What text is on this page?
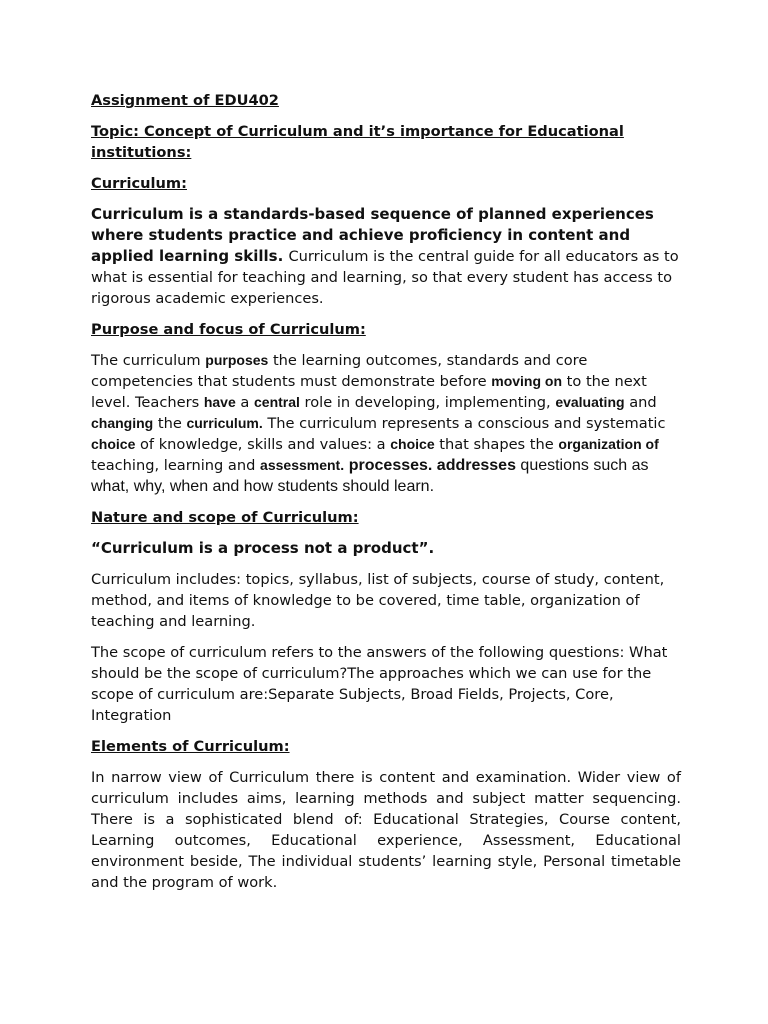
Assignment of EDU402

Topic: Concept of Curriculum and it’s importance for Educational institutions:

Curriculum:

Curriculum is a standards-based sequence of planned experiences where students practice and achieve proficiency in content and applied learning skills. Curriculum is the central guide for all educators as to what is essential for teaching and learning, so that every student has access to rigorous academic experiences.

Purpose and focus of Curriculum:

The curriculum purposes the learning outcomes, standards and core competencies that students must demonstrate before moving on to the next level. Teachers have a central role in developing, implementing, evaluating and changing the curriculum. The curriculum represents a conscious and systematic choice of knowledge, skills and values: a choice that shapes the organization of teaching, learning and assessment. processes. addresses questions such as what, why, when and how students should learn.

Nature and scope of Curriculum:

“Curriculum is a process not a product”.

Curriculum includes: topics, syllabus, list of subjects, course of study, content, method, and items of knowledge to be covered, time table, organization of teaching and learning.

The scope of curriculum refers to the answers of the following questions: What should be the scope of curriculum?The approaches which we can use for the scope of curriculum are:Separate Subjects, Broad Fields, Projects, Core, Integration

Elements of Curriculum:

In narrow view of Curriculum there is content and examination. Wider view of curriculum includes aims, learning methods and subject matter sequencing. There is a sophisticated blend of: Educational Strategies, Course content, Learning outcomes, Educational experience, Assessment, Educational environment beside, The individual students’ learning style, Personal timetable and the program of work.
